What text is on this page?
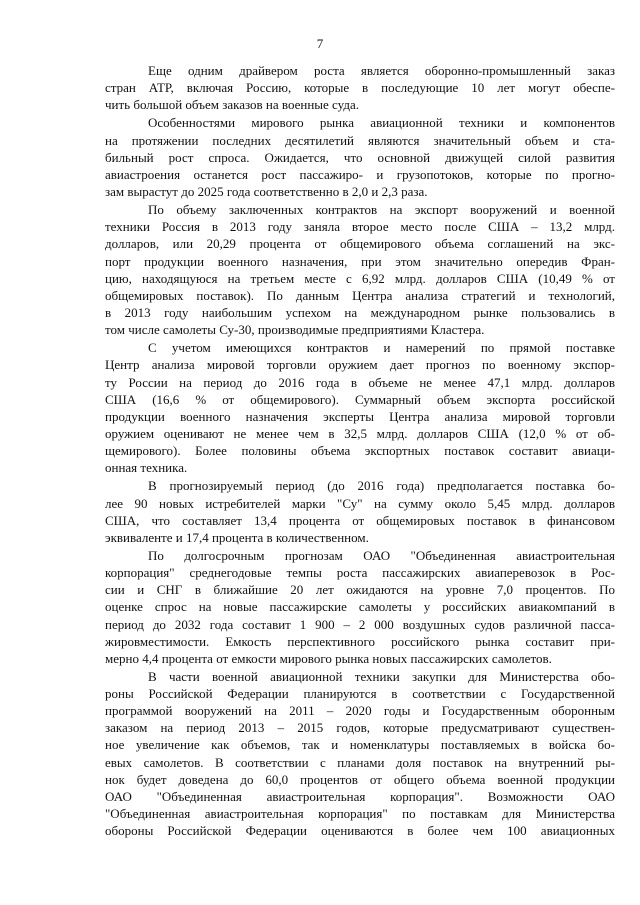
7
Еще одним драйвером роста является оборонно-промышленный заказ
стран АТР, включая Россию, которые в последующие 10 лет могут обеспе-
чить большой объем заказов на военные суда.
Особенностями мирового рынка авиационной техники и компонентов
на протяжении последних десятилетий являются значительный объем и ста-
бильный рост спроса. Ожидается, что основной движущей силой развития
авиастроения останется рост пассажиро- и грузопотоков, которые по прогно-
зам вырастут до 2025 года соответственно в 2,0 и 2,3 раза.
По объему заключенных контрактов на экспорт вооружений и военной
техники Россия в 2013 году заняла второе место после США – 13,2 млрд.
долларов, или 20,29 процента от общемирового объема соглашений на экс-
порт продукции военного назначения, при этом значительно опередив Фран-
цию, находящуюся на третьем месте с 6,92 млрд. долларов США (10,49 % от
общемировых поставок). По данным Центра анализа стратегий и технологий,
в 2013 году наибольшим успехом на международном рынке пользовались в
том числе самолеты Су-30, производимые предприятиями Кластера.
С учетом имеющихся контрактов и намерений по прямой поставке
Центр анализа мировой торговли оружием дает прогноз по военному экспор-
ту России на период до 2016 года в объеме не менее 47,1 млрд. долларов
США (16,6 % от общемирового). Суммарный объем экспорта российской
продукции военного назначения эксперты Центра анализа мировой торговли
оружием оценивают не менее чем в 32,5 млрд. долларов США (12,0 % от об-
щемирового). Более половины объема экспортных поставок составит авиаци-
онная техника.
В прогнозируемый период (до 2016 года) предполагается поставка бо-
лее 90 новых истребителей марки "Су" на сумму около 5,45 млрд. долларов
США, что составляет 13,4 процента от общемировых поставок в финансовом
эквиваленте и 17,4 процента в количественном.
По долгосрочным прогнозам ОАО "Объединенная авиастроительная
корпорация" среднегодовые темпы роста пассажирских авиаперевозок в Рос-
сии и СНГ в ближайшие 20 лет ожидаются на уровне 7,0 процентов. По
оценке спрос на новые пассажирские самолеты у российских авиакомпаний в
период до 2032 года составит 1 900 – 2 000 воздушных судов различной пасса-
жировместимости. Емкость перспективного российского рынка составит при-
мерно 4,4 процента от емкости мирового рынка новых пассажирских самолетов.
В части военной авиационной техники закупки для Министерства обо-
роны Российской Федерации планируются в соответствии с Государственной
программой вооружений на 2011 – 2020 годы и Государственным оборонным
заказом на период 2013 – 2015 годов, которые предусматривают существен-
ное увеличение как объемов, так и номенклатуры поставляемых в войска бо-
евых самолетов. В соответствии с планами доля поставок на внутренний ры-
нок будет доведена до 60,0 процентов от общего объема военной продукции
ОАО "Объединенная авиастроительная корпорация". Возможности ОАО
"Объединенная авиастроительная корпорация" по поставкам для Министерства
обороны Российской Федерации оцениваются в более чем 100 авиационных
